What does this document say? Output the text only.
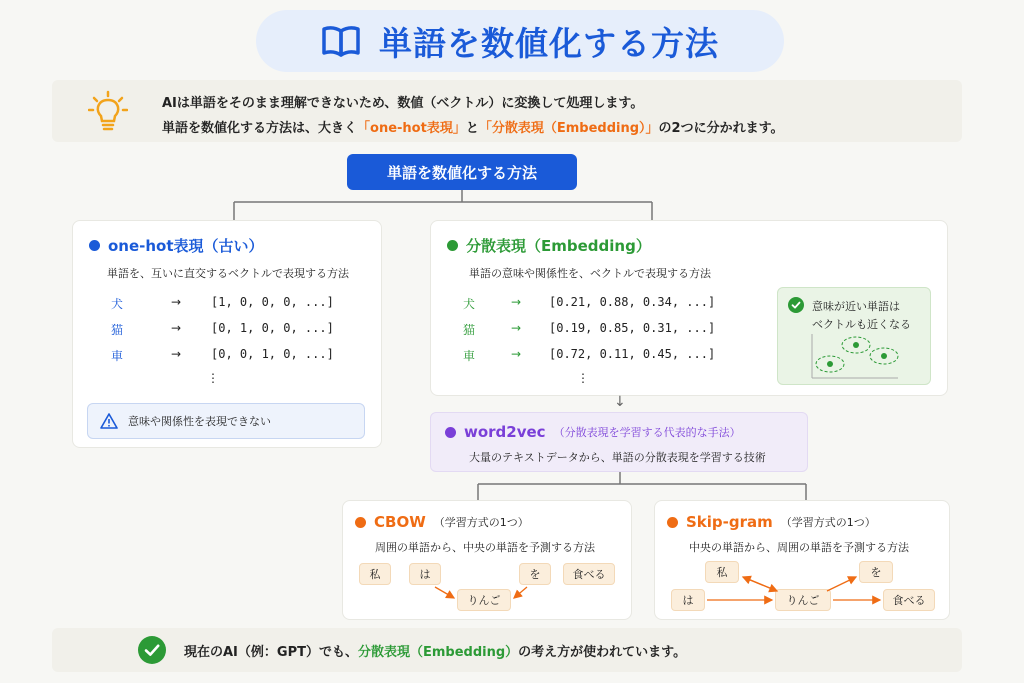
単語を数値化する方法
AIは単語をそのまま理解できないため、数値（ベクトル）に変換して処理します。
単語を数値化する方法は、大きく「one-hot表現」と「分散表現（Embedding）」の2つに分かれます。
単語を数値化する方法
one-hot表現（古い）
単語を、互いに直交するベクトルで表現する方法
犬	→ [1, 0, 0, 0, ...]
猫	→ [0, 1, 0, 0, ...]
車	→ [0, 0, 1, 0, ...]
⋮
意味や関係性を表現できない
分散表現（Embedding）
単語の意味や関係性を、ベクトルで表現する方法
犬	→ [0.21, 0.88, 0.34, ...]
猫	→ [0.19, 0.85, 0.31, ...]
車	→ [0.72, 0.11, 0.45, ...]
⋮
意味が近い単語は
ベクトルも近くなる
↓
word2vec （分散表現を学習する代表的な手法）
大量のテキストデータから、単語の分散表現を学習する技術
CBOW （学習方式の1つ）
周囲の単語から、中央の単語を予測する方法
私	は	を	食べる
りんご
Skip-gram （学習方式の1つ）
中央の単語から、周囲の単語を予測する方法
私
は	りんご
を
食べる
現在のAI（例：GPT）でも、分散表現（Embedding）の考え方が使われています。
